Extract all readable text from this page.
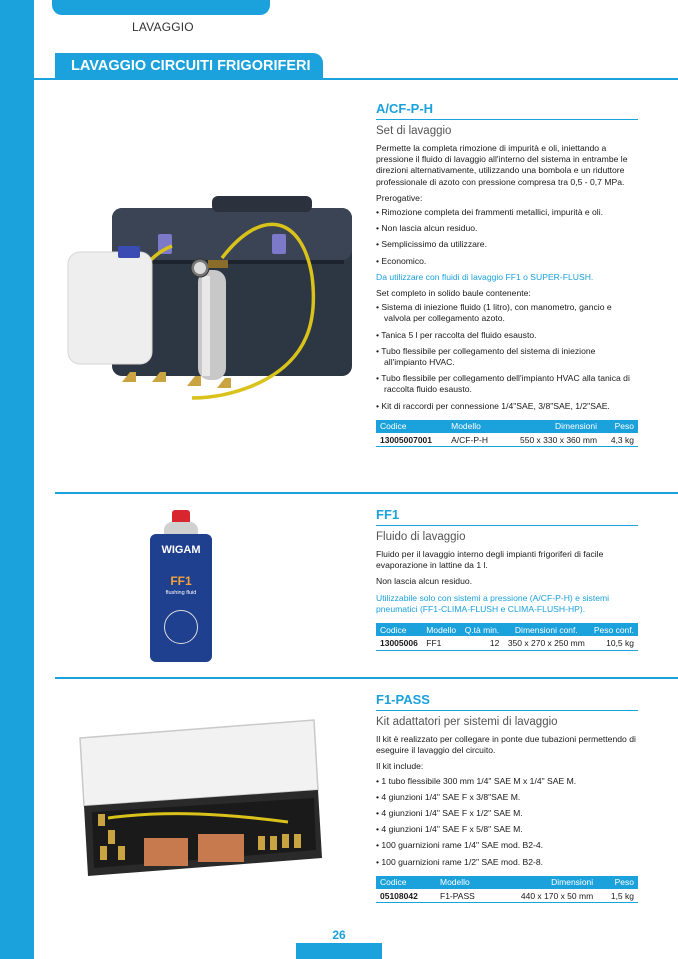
LAVAGGIO
LAVAGGIO CIRCUITI FRIGORIFERI
A/CF-P-H
Set di lavaggio
Permette la completa rimozione di impurità e oli, iniettando a pressione il fluido di lavaggio all'interno del sistema in entrambe le direzioni alternativamente, utilizzando una bombola e un riduttore professionale di azoto con pressione compresa tra 0,5 - 0,7 MPa.
Prerogative:
• Rimozione completa dei frammenti metallici, impurità e oli.
• Non lascia alcun residuo.
• Semplicissimo da utilizzare.
• Economico.
Da utilizzare con fluidi di lavaggio FF1 o SUPER-FLUSH.
Set completo in solido baule contenente:
• Sistema di iniezione fluido (1 litro), con manometro, gancio e valvola per collegamento azoto.
• Tanica 5 l per raccolta del fluido esausto.
• Tubo flessibile per collegamento del sistema di iniezione all'impianto HVAC.
• Tubo flessibile per collegamento dell'impianto HVAC alla tanica di raccolta fluido esausto.
• Kit di raccordi per connessione 1/4"SAE, 3/8"SAE, 1/2"SAE.
Codice	Modello	Dimensioni	Peso
13005007001	A/CF-P-H	550 x 330 x 360 mm	4,3 kg
WIGAM
FF1
flushing fluid
FF1
Fluido di lavaggio
Fluido per il lavaggio interno degli impianti frigoriferi di facile evaporazione in lattine da 1 l.
Non lascia alcun residuo.
Utilizzabile solo con sistemi a pressione (A/CF-P-H) e sistemi pneumatici (FF1-CLIMA-FLUSH e CLIMA-FLUSH-HP).
Codice	Modello	Q.tà min.	Dimensioni conf.	Peso conf.
13005006	FF1	12	350 x 270 x 250 mm	10,5 kg
F1-PASS
Kit adattatori per sistemi di lavaggio
Il kit è realizzato per collegare in ponte due tubazioni permettendo di eseguire il lavaggio del circuito.
Il kit include:
• 1 tubo flessibile 300 mm 1/4" SAE M x 1/4" SAE M.
• 4 giunzioni 1/4" SAE F x 3/8"SAE M.
• 4 giunzioni 1/4" SAE F x 1/2" SAE M.
• 4 giunzioni 1/4" SAE F x 5/8" SAE M.
• 100 guarnizioni rame 1/4" SAE mod. B2-4.
• 100 guarnizioni rame 1/2" SAE mod. B2-8.
Codice	Modello	Dimensioni	Peso
05108042	F1-PASS	440 x 170 x 50 mm	1,5 kg
26
